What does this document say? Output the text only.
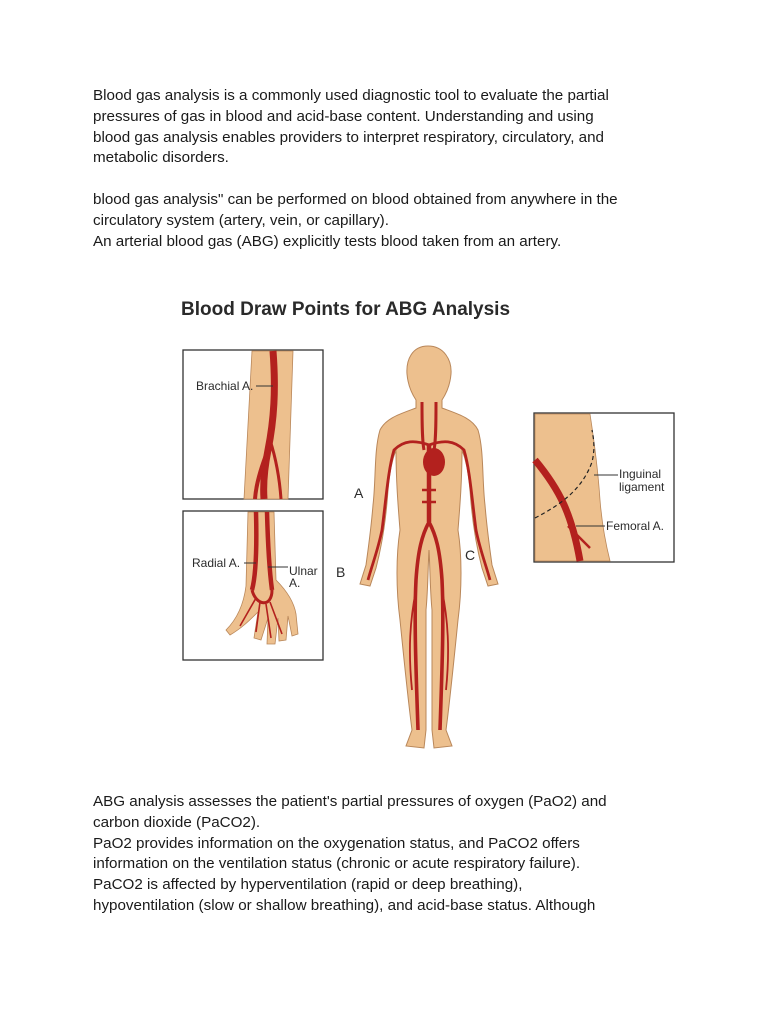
Blood gas analysis is a commonly used diagnostic tool to evaluate the partial
pressures of gas in blood and acid-base content. Understanding and using
blood gas analysis enables providers to interpret respiratory, circulatory, and
metabolic disorders.

blood gas analysis" can be performed on blood obtained from anywhere in the
circulatory system (artery, vein, or capillary).
An arterial blood gas (ABG) explicitly tests blood taken from an artery.

Blood Draw Points for ABG Analysis
Brachial A.
Radial A.
Ulnar
A.
Inguinal
ligament
Femoral A.
A
B
C

ABG analysis assesses the patient's partial pressures of oxygen (PaO2) and
carbon dioxide (PaCO2).
PaO2 provides information on the oxygenation status, and PaCO2 offers
information on the ventilation status (chronic or acute respiratory failure).
PaCO2 is affected by hyperventilation (rapid or deep breathing),
hypoventilation (slow or shallow breathing), and acid-base status. Although
